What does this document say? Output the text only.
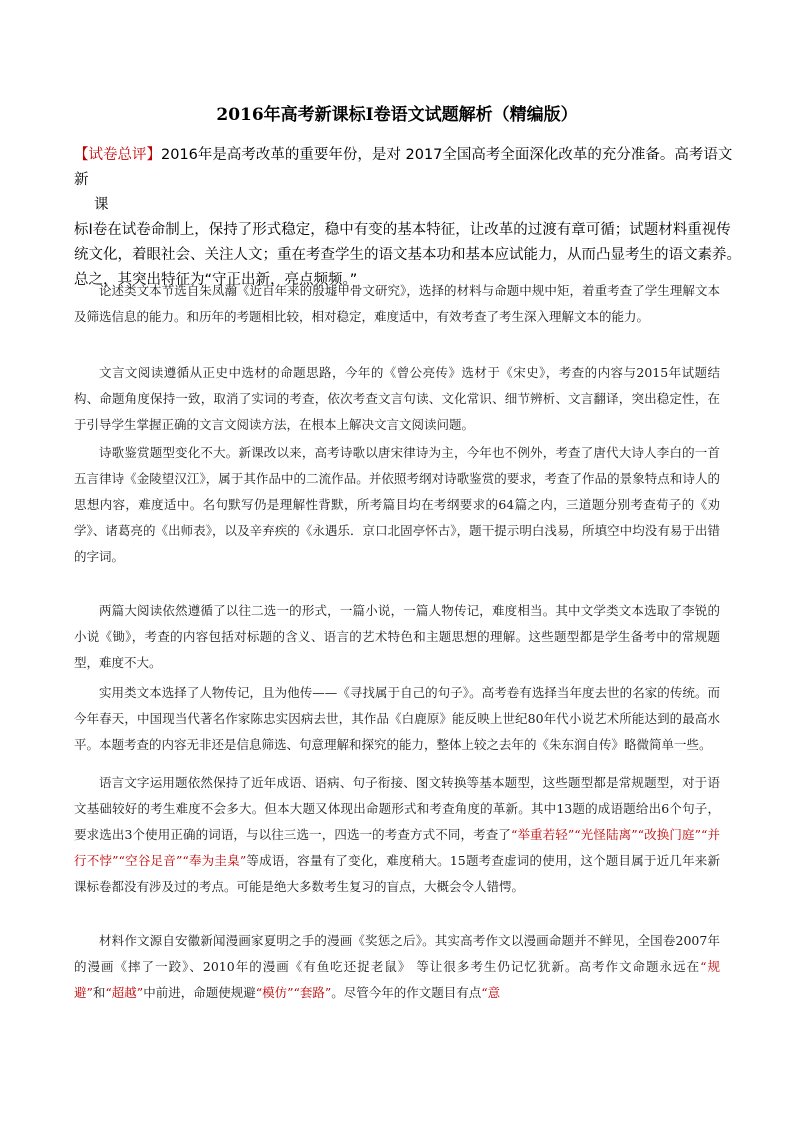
2016年高考新课标Ⅰ卷语文试题解析（精编版）
【试卷总评】2016年是高考改革的重要年份，是对 2017全国高考全面深化改革的充分准备。高考语文新
课
标Ⅰ卷在试卷命制上，保持了形式稳定，稳中有变的基本特征，让改革的过渡有章可循；试题材料重视传统文化，着眼社会、关注人文；重在考查学生的语文基本功和基本应试能力，从而凸显考生的语文素养。总之，其突出特征为“守正出新，亮点频频。”
论述类文本节选自朱凤瀚《近百年来的殷墟甲骨文研究》，选择的材料与命题中规中矩，着重考查了学生理解文本及筛选信息的能力。和历年的考题相比较，相对稳定，难度适中，有效考查了考生深入理解文本的能力。
文言文阅读遵循从正史中选材的命题思路，今年的《曾公亮传》选材于《宋史》，考查的内容与2015年试题结构、命题角度保持一致，取消了实词的考查，依次考查文言句读、文化常识、细节辨析、文言翻译，突出稳定性，在于引导学生掌握正确的文言文阅读方法，在根本上解决文言文阅读问题。
诗歌鉴赏题型变化不大。新课改以来，高考诗歌以唐宋律诗为主，今年也不例外，考查了唐代大诗人李白的一首五言律诗《金陵望汉江》，属于其作品中的二流作品。并依照考纲对诗歌鉴赏的要求，考查了作品的景象特点和诗人的思想内容，难度适中。名句默写仍是理解性背默，所考篇目均在考纲要求的64篇之内，三道题分别考查荀子的《劝学》、诸葛亮的《出师表》，以及辛弃疾的《永遇乐．京口北固亭怀古》，题干提示明白浅易，所填空中均没有易于出错的字词。
两篇大阅读依然遵循了以往二选一的形式，一篇小说，一篇人物传记，难度相当。其中文学类文本选取了李锐的小说《锄》，考查的内容包括对标题的含义、语言的艺术特色和主题思想的理解。这些题型都是学生备考中的常规题型，难度不大。
实用类文本选择了人物传记，且为他传——《寻找属于自己的句子》。高考卷有选择当年度去世的名家的传统。而今年春天，中国现当代著名作家陈忠实因病去世，其作品《白鹿原》能反映上世纪80年代小说艺术所能达到的最高水平。本题考查的内容无非还是信息筛选、句意理解和探究的能力，整体上较之去年的《朱东润自传》略微简单一些。
语言文字运用题依然保持了近年成语、语病、句子衔接、图文转换等基本题型，这些题型都是常规题型，对于语文基础较好的考生难度不会多大。但本大题又体现出命题形式和考查角度的革新。其中13题的成语题给出6个句子，要求选出3个使用正确的词语，与以往三选一，四选一的考查方式不同，考查了“举重若轻”“光怪陆离”“改换门庭”“并行不悖”“空谷足音”“奉为圭臬”等成语，容量有了变化，难度稍大。15题考查虚词的使用，这个题目属于近几年来新课标卷都没有涉及过的考点。可能是绝大多数考生复习的盲点，大概会令人错愕。
材料作文源自安徽新闻漫画家夏明之手的漫画《奖惩之后》。其实高考作文以漫画命题并不鲜见，全国卷2007年的漫画《摔了一跤》、2010年的漫画《有鱼吃还捉老鼠》 等让很多考生仍记忆犹新。高考作文命题永远在“规避”和“超越”中前进，命题使规避“模仿”“套路”。尽管今年的作文题目有点“意
